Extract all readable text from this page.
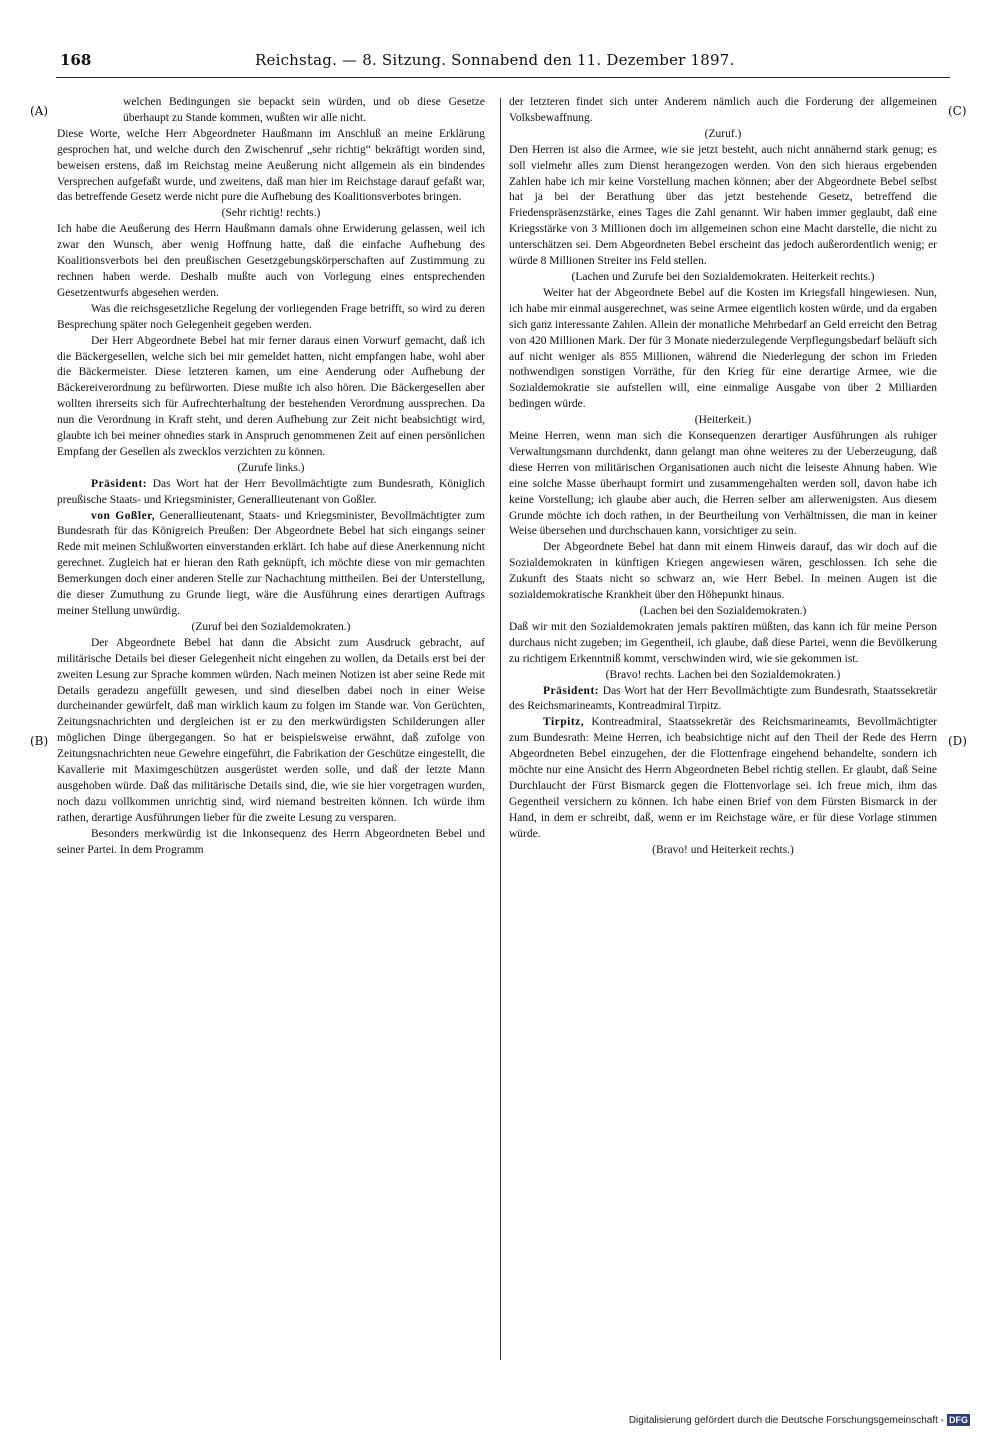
168	Reichstag. — 8. Sitzung. Sonnabend den 11. Dezember 1897.
(A)
(B)
(C)
(D)

welchen Bedingungen sie bepackt sein würden, und ob diese Gesetze überhaupt zu Stande kommen, wußten wir alle nicht.

Diese Worte, welche Herr Abgeordneter Haußmann im Anschluß an meine Erklärung gesprochen hat, und welche durch den Zwischenruf „sehr richtig“ bekräftigt worden sind, beweisen erstens, daß im Reichstag meine Aeußerung nicht allgemein als ein bindendes Versprechen aufgefaßt wurde, und zweitens, daß man hier im Reichstage darauf gefaßt war, das betreffende Gesetz werde nicht pure die Aufhebung des Koalitionsverbotes bringen.

(Sehr richtig! rechts.)

Ich habe die Aeußerung des Herrn Haußmann damals ohne Erwiderung gelassen, weil ich zwar den Wunsch, aber wenig Hoffnung hatte, daß die einfache Aufhebung des Koalitionsverbots bei den preußischen Gesetzgebungskörperschaften auf Zustimmung zu rechnen haben werde. Deshalb mußte auch von Vorlegung eines entsprechenden Gesetzentwurfs abgesehen werden.

Was die reichsgesetzliche Regelung der vorliegenden Frage betrifft, so wird zu deren Besprechung später noch Gelegenheit gegeben werden.

Der Herr Abgeordnete Bebel hat mir ferner daraus einen Vorwurf gemacht, daß ich die Bäckergesellen, welche sich bei mir gemeldet hatten, nicht empfangen habe, wohl aber die Bäckermeister. Diese letzteren kamen, um eine Aenderung oder Aufhebung der Bäckereiverordnung zu befürworten. Diese mußte ich also hören. Die Bäckergesellen aber wollten ihrerseits sich für Aufrechterhaltung der bestehenden Verordnung aussprechen. Da nun die Verordnung in Kraft steht, und deren Aufhebung zur Zeit nicht beabsichtigt wird, glaubte ich bei meiner ohnedies stark in Anspruch genommenen Zeit auf einen persönlichen Empfang der Gesellen als zwecklos verzichten zu können.

(Zurufe links.)

Präsident: Das Wort hat der Herr Bevollmächtigte zum Bundesrath, Königlich preußische Staats- und Kriegsminister, Generallieutenant von Goßler.

von Goßler, Generallieutenant, Staats- und Kriegsminister, Bevollmächtigter zum Bundesrath für das Königreich Preußen: Der Abgeordnete Bebel hat sich eingangs seiner Rede mit meinen Schlußworten einverstanden erklärt. Ich habe auf diese Anerkennung nicht gerechnet. Zugleich hat er hieran den Rath geknüpft, ich möchte diese von mir gemachten Bemerkungen doch einer anderen Stelle zur Nachachtung mittheilen. Bei der Unterstellung, die dieser Zumuthung zu Grunde liegt, wäre die Ausführung eines derartigen Auftrags meiner Stellung unwürdig.

(Zuruf bei den Sozialdemokraten.)

Der Abgeordnete Bebel hat dann die Absicht zum Ausdruck gebracht, auf militärische Details bei dieser Gelegenheit nicht eingehen zu wollen, da Details erst bei der zweiten Lesung zur Sprache kommen würden. Nach meinen Notizen ist aber seine Rede mit Details geradezu angefüllt gewesen, und sind dieselben dabei noch in einer Weise durcheinander gewürfelt, daß man wirklich kaum zu folgen im Stande war. Von Gerüchten, Zeitungsnachrichten und dergleichen ist er zu den merkwürdigsten Schilderungen aller möglichen Dinge übergegangen. So hat er beispielsweise erwähnt, daß zufolge von Zeitungsnachrichten neue Gewehre eingeführt, die Fabrikation der Geschütze eingestellt, die Kavallerie mit Maximgeschützen ausgerüstet werden solle, und daß der letzte Mann ausgehoben würde. Daß das militärische Details sind, die, wie sie hier vorgetragen wurden, noch dazu vollkommen unrichtig sind, wird niemand bestreiten können. Ich würde ihm rathen, derartige Ausführungen lieber für die zweite Lesung zu versparen.

Besonders merkwürdig ist die Inkonsequenz des Herrn Abgeordneten Bebel und seiner Partei. In dem Programm

der letzteren findet sich unter Anderem nämlich auch die Forderung der allgemeinen Volksbewaffnung.

(Zuruf.)

Den Herren ist also die Armee, wie sie jetzt besteht, auch nicht annähernd stark genug; es soll vielmehr alles zum Dienst herangezogen werden. Von den sich hieraus ergebenden Zahlen habe ich mir keine Vorstellung machen können; aber der Abgeordnete Bebel selbst hat ja bei der Berathung über das jetzt bestehende Gesetz, betreffend die Friedenspräsenzstärke, eines Tages die Zahl genannt. Wir haben immer geglaubt, daß eine Kriegsstärke von 3 Millionen doch im allgemeinen schon eine Macht darstelle, die nicht zu unterschätzen sei. Dem Abgeordneten Bebel erscheint das jedoch außerordentlich wenig; er würde 8 Millionen Streiter ins Feld stellen.

(Lachen und Zurufe bei den Sozialdemokraten. Heiterkeit rechts.)

Weiter hat der Abgeordnete Bebel auf die Kosten im Kriegsfall hingewiesen. Nun, ich habe mir einmal ausgerechnet, was seine Armee eigentlich kosten würde, und da ergaben sich ganz interessante Zahlen. Allein der monatliche Mehrbedarf an Geld erreicht den Betrag von 420 Millionen Mark. Der für 3 Monate niederzulegende Verpflegungsbedarf beläuft sich auf nicht weniger als 855 Millionen, während die Niederlegung der schon im Frieden nothwendigen sonstigen Vorräthe, für den Krieg für eine derartige Armee, wie die Sozialdemokratie sie aufstellen will, eine einmalige Ausgabe von über 2 Milliarden bedingen würde.

(Heiterkeit.)

Meine Herren, wenn man sich die Konsequenzen derartiger Ausführungen als ruhiger Verwaltungsmann durchdenkt, dann gelangt man ohne weiteres zu der Ueberzeugung, daß diese Herren von militärischen Organisationen auch nicht die leiseste Ahnung haben. Wie eine solche Masse überhaupt formirt und zusammengehalten werden soll, davon habe ich keine Vorstellung; ich glaube aber auch, die Herren selber am allerwenigsten. Aus diesem Grunde möchte ich doch rathen, in der Beurtheilung von Verhältnissen, die man in keiner Weise übersehen und durchschauen kann, vorsichtiger zu sein.

Der Abgeordnete Bebel hat dann mit einem Hinweis darauf, das wir doch auf die Sozialdemokraten in künftigen Kriegen angewiesen wären, geschlossen. Ich sehe die Zukunft des Staats nicht so schwarz an, wie Herr Bebel. In meinen Augen ist die sozialdemokratische Krankheit über den Höhepunkt hinaus.

(Lachen bei den Sozialdemokraten.)

Daß wir mit den Sozialdemokraten jemals paktiren müßten, das kann ich für meine Person durchaus nicht zugeben; im Gegentheil, ich glaube, daß diese Partei, wenn die Bevölkerung zu richtigem Erkenntniß kommt, verschwinden wird, wie sie gekommen ist.

(Bravo! rechts. Lachen bei den Sozialdemokraten.)

Präsident: Das Wort hat der Herr Bevollmächtigte zum Bundesrath, Staatssekretär des Reichsmarineamts, Kontreadmiral Tirpitz.

Tirpitz, Kontreadmiral, Staatssekretär des Reichsmarineamts, Bevollmächtigter zum Bundesrath: Meine Herren, ich beabsichtige nicht auf den Theil der Rede des Herrn Abgeordneten Bebel einzugehen, der die Flottenfrage eingehend behandelte, sondern ich möchte nur eine Ansicht des Herrn Abgeordneten Bebel richtig stellen. Er glaubt, daß Seine Durchlaucht der Fürst Bismarck gegen die Flottenvorlage sei. Ich freue mich, ihm das Gegentheil versichern zu können. Ich habe einen Brief von dem Fürsten Bismarck in der Hand, in dem er schreibt, daß, wenn er im Reichstage wäre, er für diese Vorlage stimmen würde.

(Bravo! und Heiterkeit rechts.)

Digitalisierung gefördert durch die Deutsche Forschungsgemeinschaft - DFG
